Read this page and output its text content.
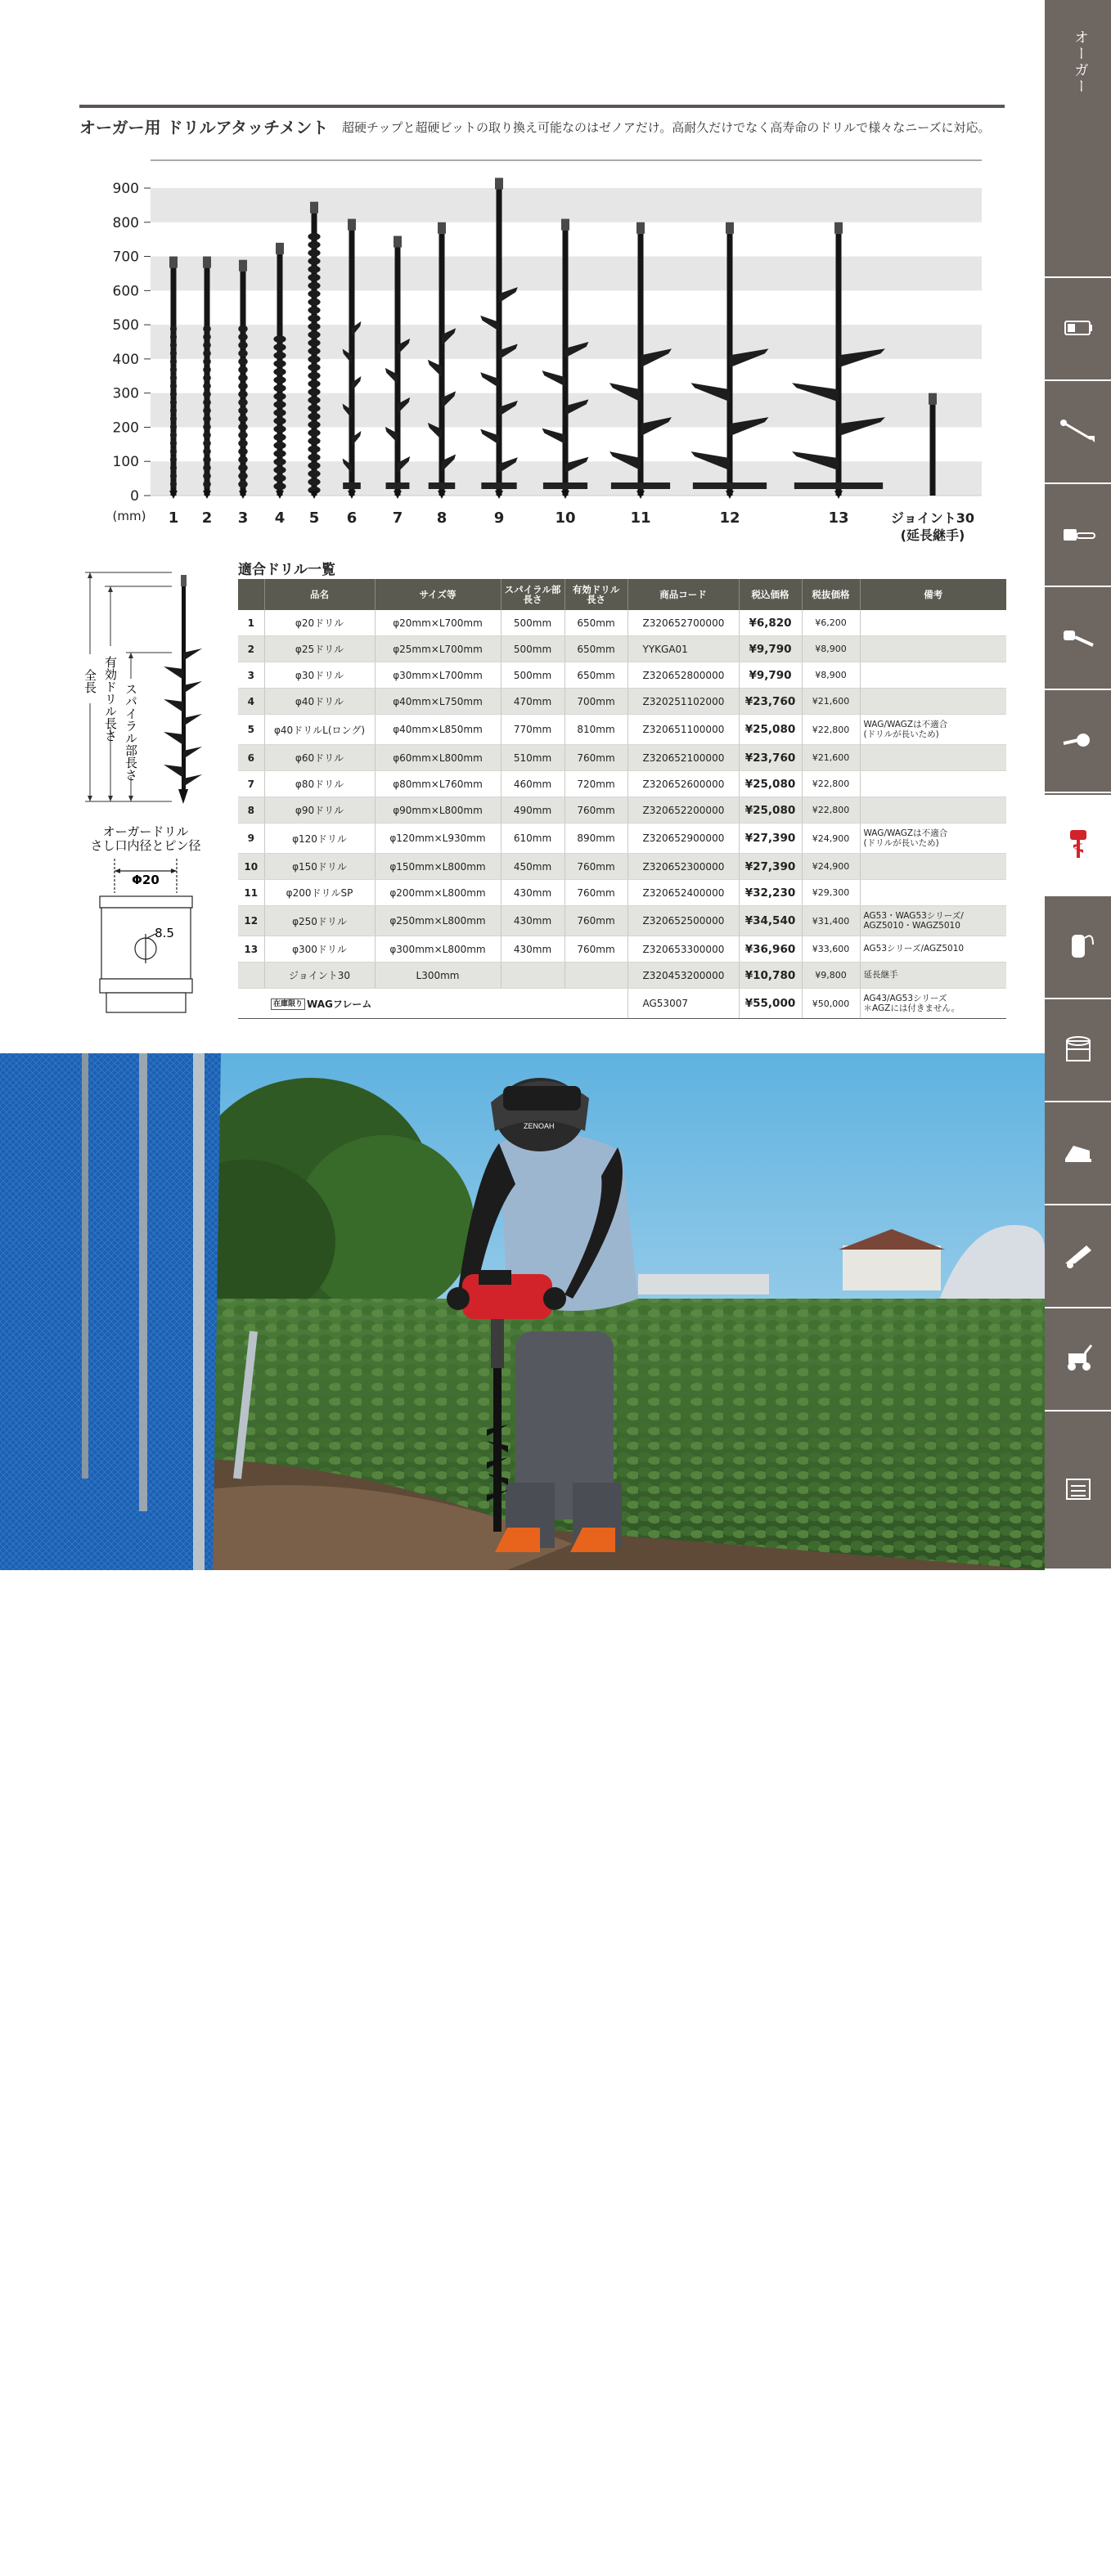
オーガー
オーガー用 ドリルアタッチメント 超硬チップと超硬ビットの取り換え可能なのはゼノアだけ。高耐久だけでなく高寿命のドリルで様々なニーズに対応。
0
100
200
300
400
500
600
700
800
900
(mm) 1 2 3 4 5 6 7 8	9	10	11	12	13	ジョイント30
(延長継手)
全長 有効ドリル長さ スパイラル部長さ
オーガードリル
さし口内径とピン径
Φ20
8.5
適合ドリル一覧
	品名	サイズ等	スパイラル部
長さ	有効ドリル
長さ	商品コード	税込価格	税抜価格	備考
1	φ20ドリル	φ20mm×L700mm	500mm	650mm	Z320652700000	¥6,820	¥6,200	
2	φ25ドリル	φ25mm×L700mm	500mm	650mm	YYKGA01	¥9,790	¥8,900	
3	φ30ドリル	φ30mm×L700mm	500mm	650mm	Z320652800000	¥9,790	¥8,900	
4	φ40ドリル	φ40mm×L750mm	470mm	700mm	Z320251102000	¥23,760	¥21,600	
5	φ40ドリルL(ロング)	φ40mm×L850mm	770mm	810mm	Z320651100000	¥25,080	¥22,800	WAG/WAGZは不適合
(ドリルが長いため)
6	φ60ドリル	φ60mm×L800mm	510mm	760mm	Z320652100000	¥23,760	¥21,600	
7	φ80ドリル	φ80mm×L760mm	460mm	720mm	Z320652600000	¥25,080	¥22,800	
8	φ90ドリル	φ90mm×L800mm	490mm	760mm	Z320652200000	¥25,080	¥22,800	
9	φ120ドリル	φ120mm×L930mm	610mm	890mm	Z320652900000	¥27,390	¥24,900	WAG/WAGZは不適合
(ドリルが長いため)
10	φ150ドリル	φ150mm×L800mm	450mm	760mm	Z320652300000	¥27,390	¥24,900	
11	φ200ドリルSP	φ200mm×L800mm	430mm	760mm	Z320652400000	¥32,230	¥29,300	
12	φ250ドリル	φ250mm×L800mm	430mm	760mm	Z320652500000	¥34,540	¥31,400	AG53・WAG53シリーズ/
AGZ5010・WAGZ5010
13	φ300ドリル	φ300mm×L800mm	430mm	760mm	Z320653300000	¥36,960	¥33,600	AG53シリーズ/AGZ5010
	ジョイント30	L300mm			Z320453200000	¥10,780	¥9,800	延長継手
在庫限り WAGフレーム					AG53007	¥55,000	¥50,000	AG43/AG53シリーズ
＊AGZには付きません。
ZENOAH
ZENOAH CATALOGUE 2025 48
